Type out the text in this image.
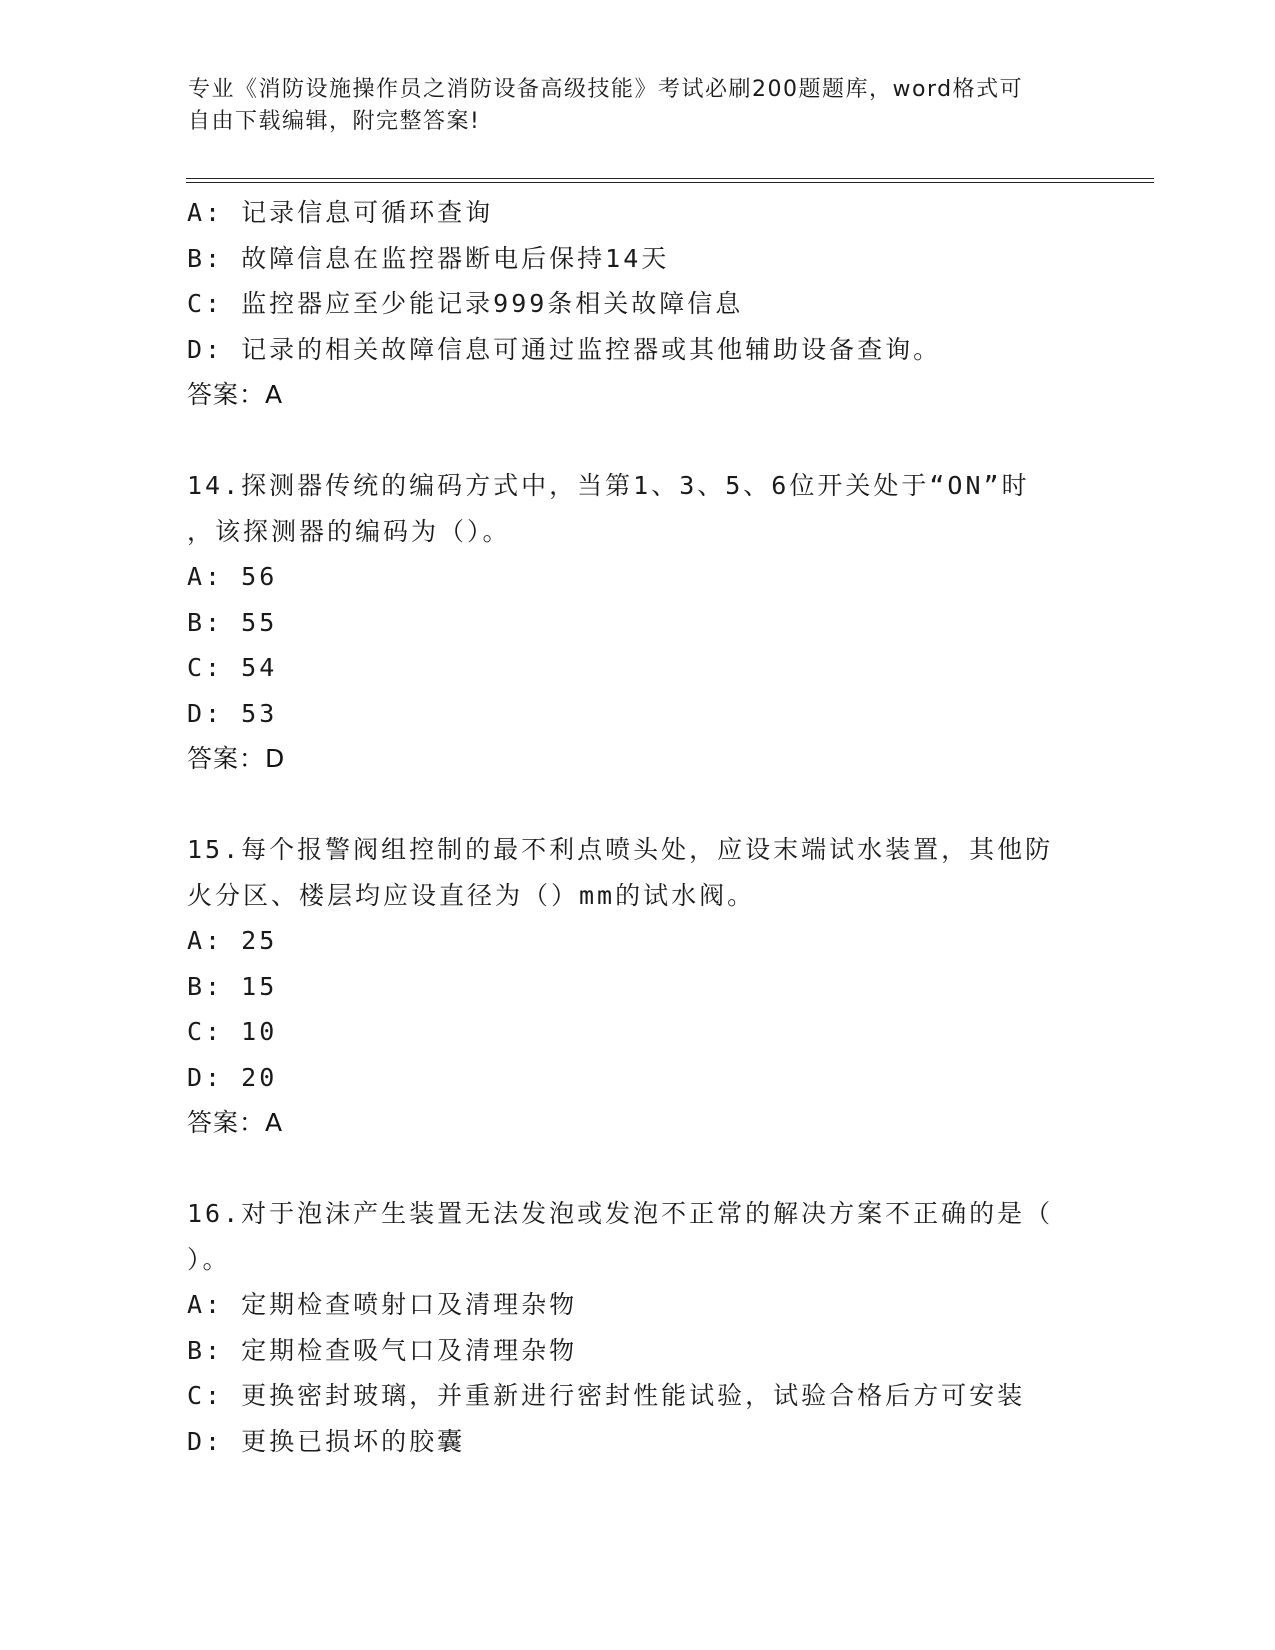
专业《消防设施操作员之消防设备高级技能》考试必刷200题题库，word格式可
自由下载编辑，附完整答案!
A: 记录信息可循环查询
B: 故障信息在监控器断电后保持14天
C: 监控器应至少能记录999条相关故障信息
D: 记录的相关故障信息可通过监控器或其他辅助设备查询。
答案：A
14.探测器传统的编码方式中，当第1、3、5、6位开关处于“ON”时
，该探测器的编码为（）。
A: 56
B: 55
C: 54
D: 53
答案：D
15.每个报警阀组控制的最不利点喷头处，应设末端试水装置，其他防
火分区、楼层均应设直径为（）mm的试水阀。
A: 25
B: 15
C: 10
D: 20
答案：A
16.对于泡沫产生装置无法发泡或发泡不正常的解决方案不正确的是（
）。
A: 定期检查喷射口及清理杂物
B: 定期检查吸气口及清理杂物
C: 更换密封玻璃，并重新进行密封性能试验，试验合格后方可安装
D: 更换已损坏的胶囊
